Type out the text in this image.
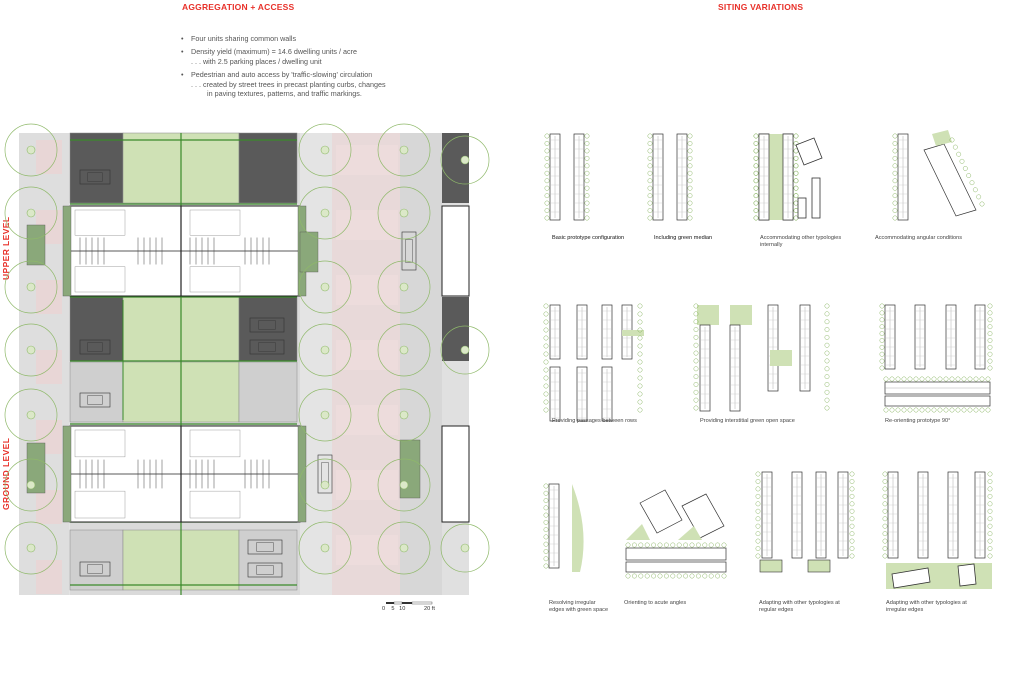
AGGREGATION + ACCESS	SITING VARIATIONS
• Four units sharing common walls
• Density yield (maximum) = 14.6 dwelling units / acre
. . . with 2.5 parking places / dwelling unit
• Pedestrian and auto access by 'traffic-slowing' circulation
. . . created by street trees in precast planting curbs, changes
in paving textures, patterns, and traffic markings.
UPPER LEVEL
GROUND LEVEL
0 5 10	20 ft
Basic prototype configuration	Including green median	Accommodating other typologies internally
Accommodating angular conditions
Providing passages between rows	Providing interstitial green open space	Re-orienting prototype 90°
Resolving irregular edges with green space
Orienting to acute angles	Adapting with other typologies at regular edges
Adapting with other typologies at irregular edges
